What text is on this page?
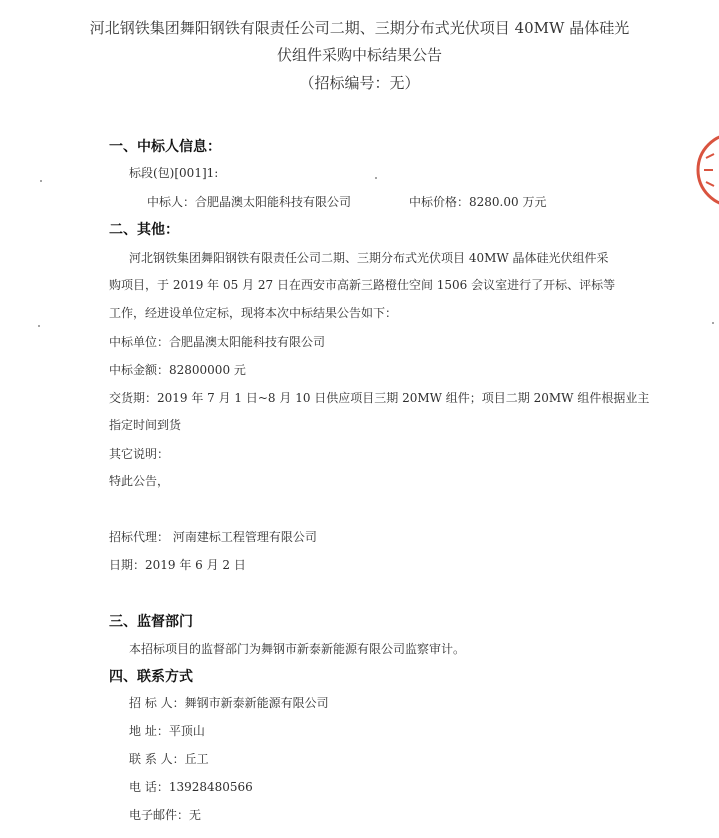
河北钢铁集团舞阳钢铁有限责任公司二期、三期分布式光伏项目 40MW 晶体硅光
伏组件采购中标结果公告
（招标编号：无）
一、中标人信息：
标段(包)[001]1:
中标人：合肥晶澳太阳能科技有限公司	中标价格：8280.00 万元
二、其他：
河北钢铁集团舞阳钢铁有限责任公司二期、三期分布式光伏项目 40MW 晶体硅光伏组件采
购项目，于 2019 年 05 月 27 日在西安市高新三路橙仕空间 1506 会议室进行了开标、评标等
工作，经进设单位定标，现将本次中标结果公告如下：
中标单位：合肥晶澳太阳能科技有限公司
中标金额：82800000 元
交货期：2019 年 7 月 1 日~8 月 10 日供应项目三期 20MW 组件；项目二期 20MW 组件根据业主
指定时间到货
其它说明：
特此公告，
招标代理： 河南建标工程管理有限公司
日期：2019 年 6 月 2 日
三、监督部门
本招标项目的监督部门为舞钢市新泰新能源有限公司监察审计。
四、联系方式
招 标 人：舞钢市新泰新能源有限公司
地 址：平顶山
联 系 人：丘工
电 话：13928480566
电子邮件：无
